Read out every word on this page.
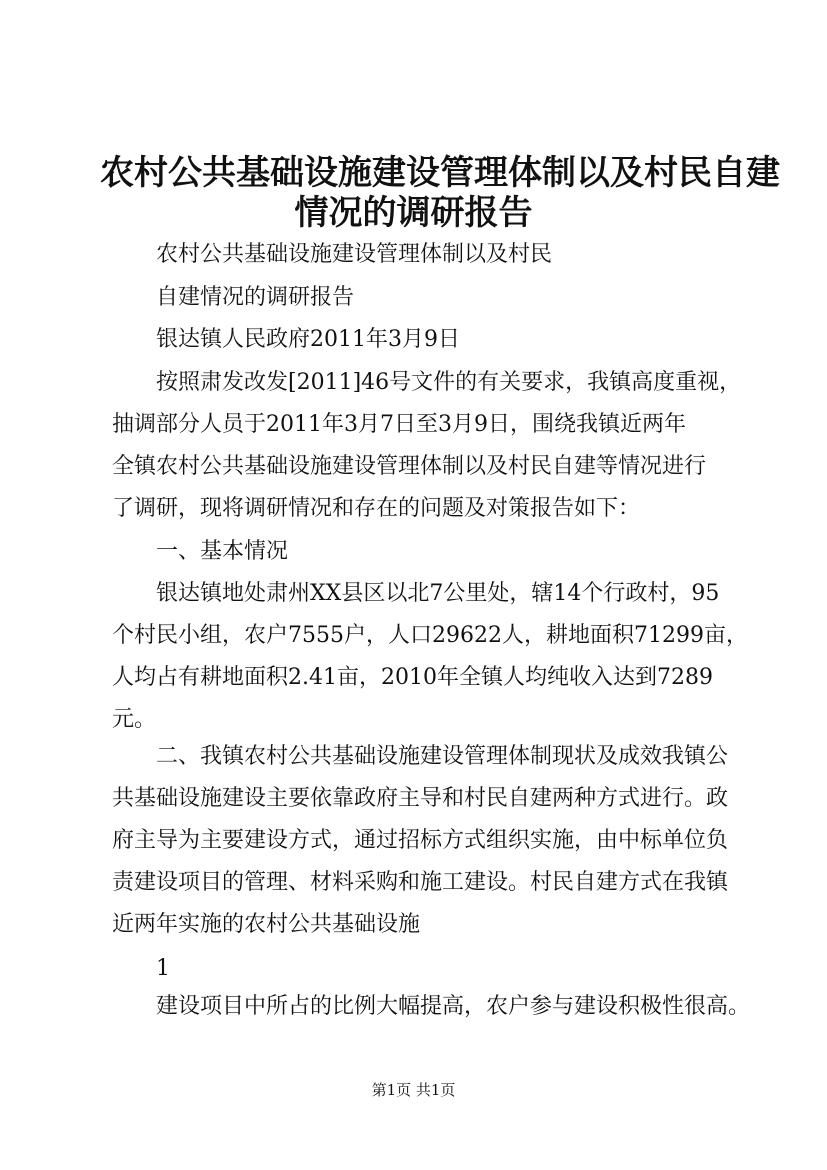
农村公共基础设施建设管理体制以及村民自建
情况的调研报告
农村公共基础设施建设管理体制以及村民
自建情况的调研报告
银达镇人民政府2011年3月9日
按照肃发改发[2011]46号文件的有关要求，我镇高度重视，
抽调部分人员于2011年3月7日至3月9日，围绕我镇近两年
全镇农村公共基础设施建设管理体制以及村民自建等情况进行
了调研，现将调研情况和存在的问题及对策报告如下：
一、基本情况
银达镇地处肃州XX县区以北7公里处，辖14个行政村，95
个村民小组，农户7555户，人口29622人，耕地面积71299亩，
人均占有耕地面积2.41亩，2010年全镇人均纯收入达到7289
元。
二、我镇农村公共基础设施建设管理体制现状及成效我镇公
共基础设施建设主要依靠政府主导和村民自建两种方式进行。政
府主导为主要建设方式，通过招标方式组织实施，由中标单位负
责建设项目的管理、材料采购和施工建设。村民自建方式在我镇
近两年实施的农村公共基础设施
1
建设项目中所占的比例大幅提高，农户参与建设积极性很高。
第1页 共1页
